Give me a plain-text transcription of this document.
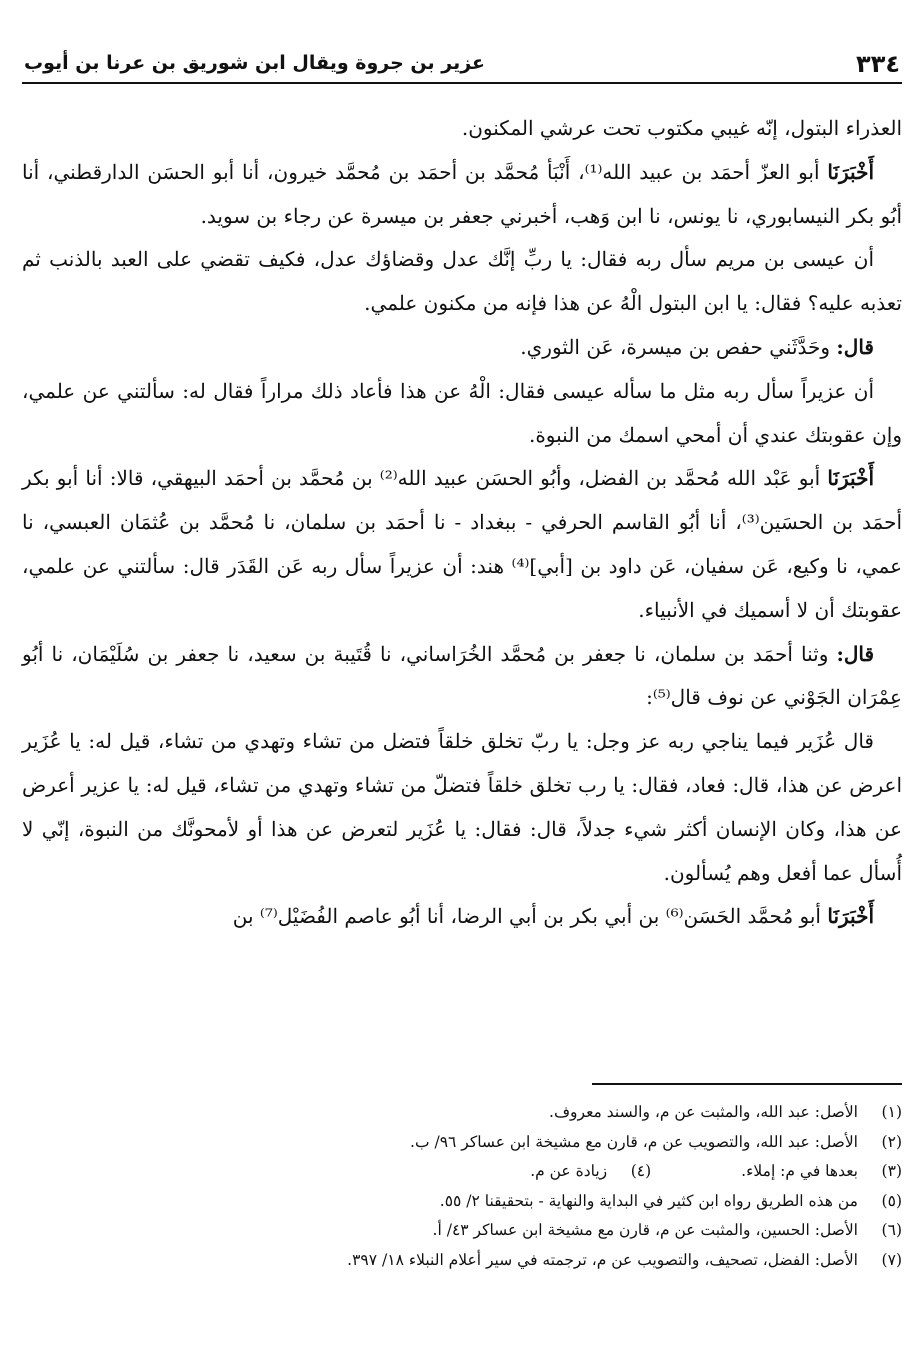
٣٣٤
عزير بن جروة ويقال ابن شوريق بن عرنا بن أيوب

العذراء البتول، إنّه غيبي مكتوب تحت عرشي المكنون.

أَخْبَرَنَا أبو العزّ أحمَد بن عبيد الله⁽¹⁾، أَنْبَأ مُحمَّد بن أحمَد بن مُحمَّد خيرون، أنا أبو الحسَن الدارقطني، أنا أبُو بكر النيسابوري، نا يونس، نا ابن وَهب، أخبرني جعفر بن ميسرة عن رجاء بن سويد.

أن عيسى بن مريم سأل ربه فقال: يا ربِّ إنَّك عدل وقضاؤك عدل، فكيف تقضي على العبد بالذنب ثم تعذبه عليه؟ فقال: يا ابن البتول الْهُ عن هذا فإنه من مكنون علمي.

قال: وحَدَّثَني حفص بن ميسرة، عَن الثوري.

أن عزيراً سأل ربه مثل ما سأله عيسى فقال: الْهُ عن هذا فأعاد ذلك مراراً فقال له: سألتني عن علمي، وإن عقوبتك عندي أن أمحي اسمك من النبوة.

أَخْبَرَنَا أبو عَبْد الله مُحمَّد بن الفضل، وأبُو الحسَن عبيد الله⁽²⁾ بن مُحمَّد بن أحمَد البيهقي، قالا: أنا أبو بكر أحمَد بن الحسَين⁽³⁾، أنا أبُو القاسم الحرفي - ببغداد - نا أحمَد بن سلمان، نا مُحمَّد بن عُثمَان العبسي، نا عمي، نا وكيع، عَن سفيان، عَن داود بن [أبي]⁽⁴⁾ هند: أن عزيراً سأل ربه عَن القَدَر قال: سألتني عن علمي، عقوبتك أن لا أسميك في الأنبياء.

قال: وثنا أحمَد بن سلمان، نا جعفر بن مُحمَّد الخُرَاساني، نا قُتَيبة بن سعيد، نا جعفر بن سُلَيْمَان، نا أبُو عِمْرَان الجَوْني عن نوف قال⁽⁵⁾:

قال عُزَير فيما يناجي ربه عز وجل: يا ربّ تخلق خلقاً فتضل من تشاء وتهدي من تشاء، قيل له: يا عُزَير اعرض عن هذا، قال: فعاد، فقال: يا رب تخلق خلقاً فتضلّ من تشاء وتهدي من تشاء، قيل له: يا عزير أعرض عن هذا، وكان الإنسان أكثر شيء جدلاً، قال: فقال: يا عُزَير لتعرض عن هذا أو لأمحونَّك من النبوة، إنّي لا أُسأل عما أفعل وهم يُسألون.

أَخْبَرَنَا أبو مُحمَّد الحَسَن⁽⁶⁾ بن أبي بكر بن أبي الرضا، أنا أبُو عاصم الفُضَيْل⁽⁷⁾ بن

(١)الأصل: عبد الله، والمثبت عن م، والسند معروف.
(٢)الأصل: عبد الله، والتصويب عن م، قارن مع مشيخة ابن عساكر ٩٦/ ب.
(٣)بعدها في م: إملاء.(٤)زيادة عن م.
(٥)من هذه الطريق رواه ابن كثير في البداية والنهاية - بتحقيقنا ٢/ ٥٥.
(٦)الأصل: الحسين، والمثبت عن م، قارن مع مشيخة ابن عساكر ٤٣/ أ.
(٧)الأصل: الفضل، تصحيف، والتصويب عن م، ترجمته في سير أعلام النبلاء ١٨/ ٣٩٧.
